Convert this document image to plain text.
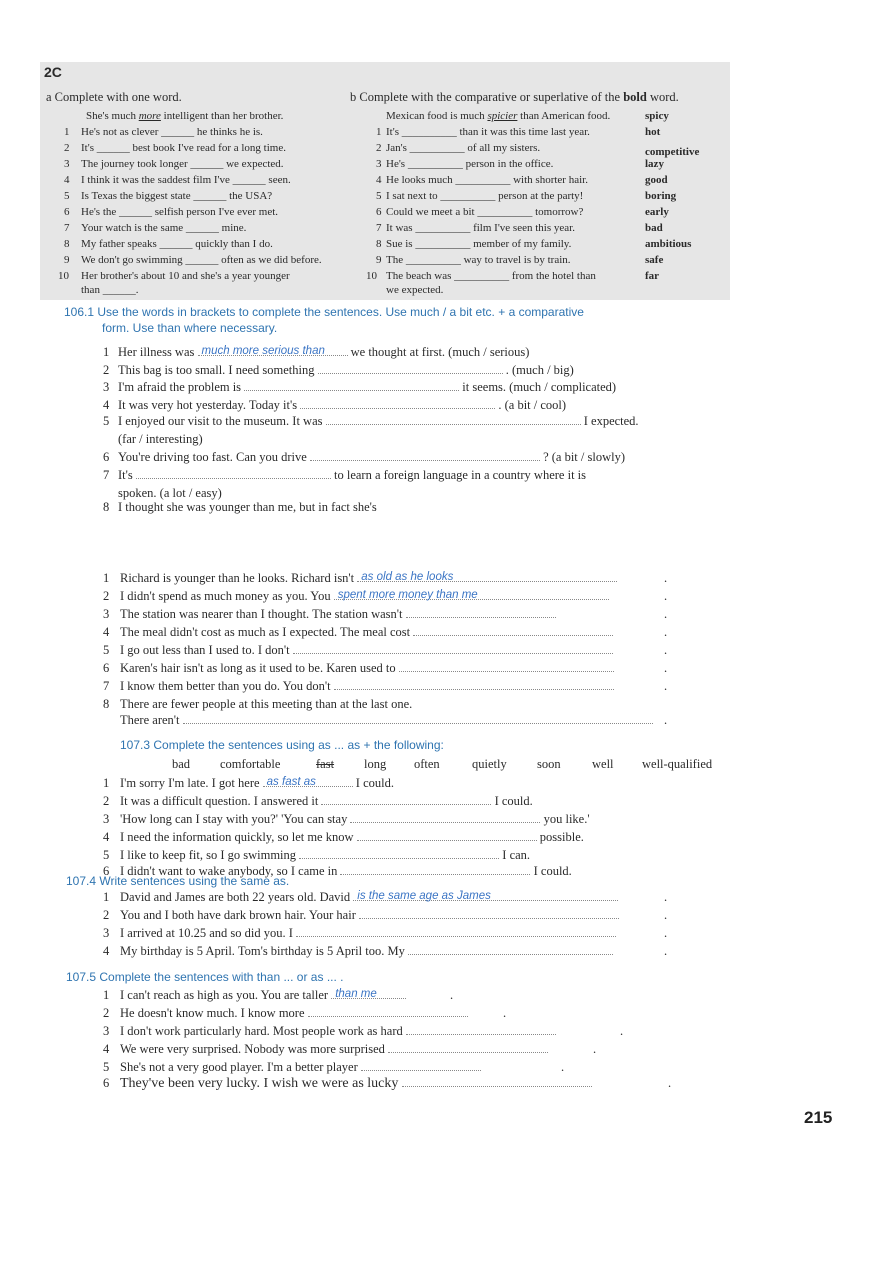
2C
a Complete with one word.
She's much more intelligent than her brother.
1 He's not as clever ______ he thinks he is.
2 It's ______ best book I've read for a long time.
3 The journey took longer ______ we expected.
4 I think it was the saddest film I've ______ seen.
5 Is Texas the biggest state ______ the USA?
6 He's the ______ selfish person I've ever met.
7 Your watch is the same ______ mine.
8 My father speaks ______ quickly than I do.
9 We don't go swimming ______ often as we did before.
10 Her brother's about 10 and she's a year younger
than ______.
b Complete with the comparative or superlative of the bold word.
Mexican food is much spicier than American food.	spicy
1 It's __________ than it was this time last year.	hot
2 Jan's __________ of all my sisters.	competitive
3 He's __________ person in the office.	lazy
4 He looks much __________ with shorter hair.	good
5 I sat next to __________ person at the party!	boring
6 Could we meet a bit __________ tomorrow?	early
7 It was __________ film I've seen this year.	bad
8 Sue is __________ member of my family.	ambitious
9 The __________ way to travel is by train.	safe
10 The beach was __________ from the hotel than	far
we expected.
106.1 Use the words in brackets to complete the sentences. Use much / a bit etc. + a comparative
form. Use than where necessary.
1 Her illness was much more serious than we thought at first. (much / serious)
2 This bag is too small. I need something	. (much / big)
3 I'm afraid the problem is	it seems. (much / complicated)
4 It was very hot yesterday. Today it's	. (a bit / cool)
5 I enjoyed our visit to the museum. It was	I expected.
(far / interesting)
6 You're driving too fast. Can you drive	? (a bit / slowly)
7 It's	to learn a foreign language in a country where it is
spoken. (a lot / easy)
8 I thought she was younger than me, but in fact she's
1 Richard is younger than he looks. Richard isn't as old as he looks
2 I didn't spend as much money as you. You spent more money than me
3 The station was nearer than I thought. The station wasn't
4 The meal didn't cost as much as I expected. The meal cost
5 I go out less than I used to. I don't
6 Karen's hair isn't as long as it used to be. Karen used to
7 I know them better than you do. You don't
8 There are fewer people at this meeting than at the last one.
There aren't
.
.
.
.
.
.
.
.
107.3 Complete the sentences using as ... as + the following:
bad comfortable	fast long often	quietly soon	well well-qualified
1 I'm sorry I'm late. I got here as fast as	I could.
2 It was a difficult question. I answered it	I could.
3 'How long can I stay with you?' 'You can stay	you like.'
4 I need the information quickly, so let me know	possible.
5 I like to keep fit, so I go swimming	I can.
6 I didn't want to wake anybody, so I came in	I could.
107.4 Write sentences using the same as.
1 David and James are both 22 years old. David is the same age as James
2 You and I both have dark brown hair. Your hair
3 I arrived at 10.25 and so did you. I
4 My birthday is 5 April. Tom's birthday is 5 April too. My
.
.
.
.
107.5 Complete the sentences with than ... or as ... .
1 I can't reach as high as you. You are taller than me
2 He doesn't know much. I know more
3 I don't work particularly hard. Most people work as hard
4 We were very surprised. Nobody was more surprised
5 She's not a very good player. I'm a better player
6 They've been very lucky. I wish we were as lucky
.
.
.
.
.
.
215
